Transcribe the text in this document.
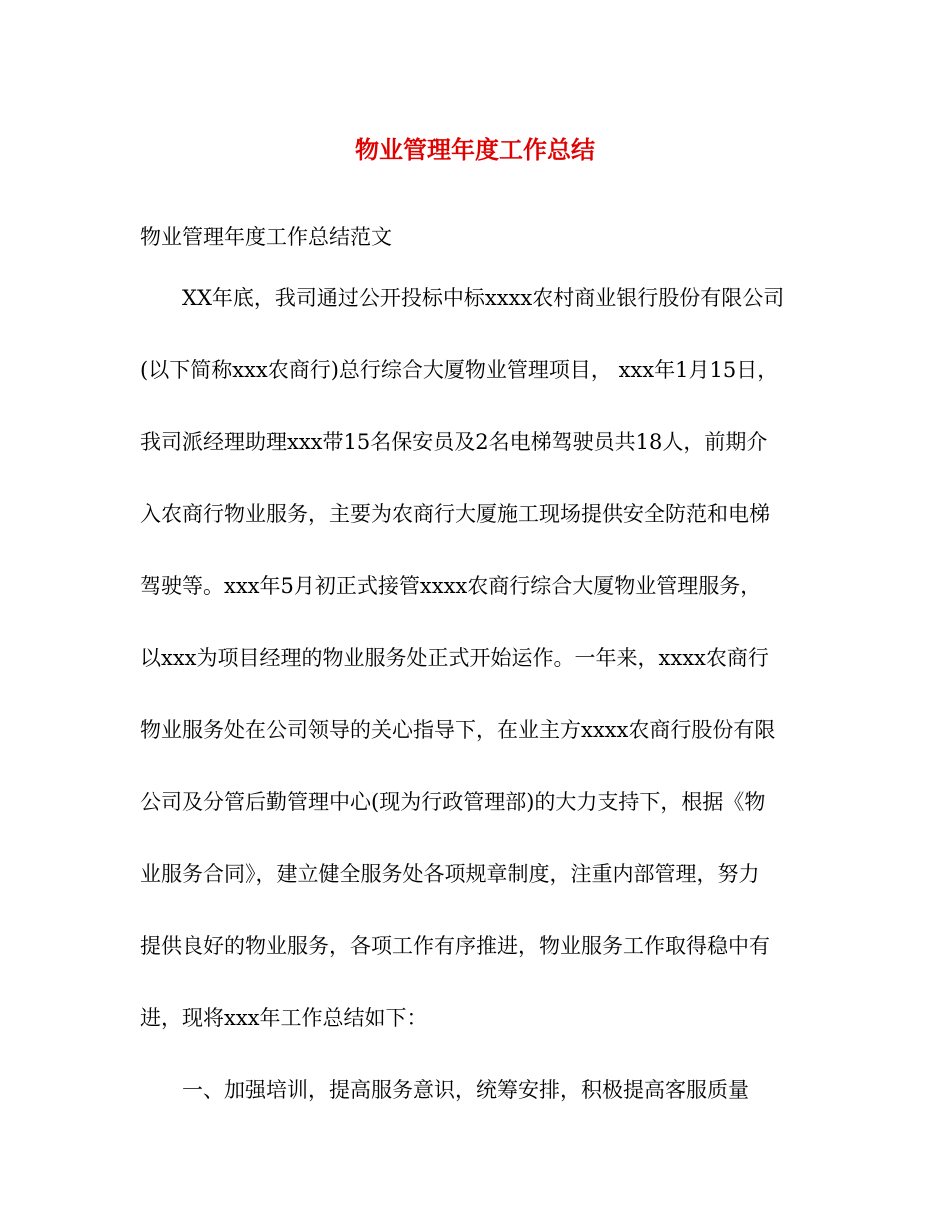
物业管理年度工作总结
物业管理年度工作总结范文
XX年底，我司通过公开投标中标xxxx农村商业银行股份有限公司
(以下简称xxx农商行)总行综合大厦物业管理项目， xxx年1月15日，
我司派经理助理xxx带15名保安员及2名电梯驾驶员共18人，前期介
入农商行物业服务，主要为农商行大厦施工现场提供安全防范和电梯
驾驶等。xxx年5月初正式接管xxxx农商行综合大厦物业管理服务，
以xxx为项目经理的物业服务处正式开始运作。一年来，xxxx农商行
物业服务处在公司领导的关心指导下，在业主方xxxx农商行股份有限
公司及分管后勤管理中心(现为行政管理部)的大力支持下，根据《物
业服务合同》，建立健全服务处各项规章制度，注重内部管理，努力
提供良好的物业服务，各项工作有序推进，物业服务工作取得稳中有
进，现将xxx年工作总结如下：
一、加强培训，提高服务意识，统筹安排，积极提高客服质量
